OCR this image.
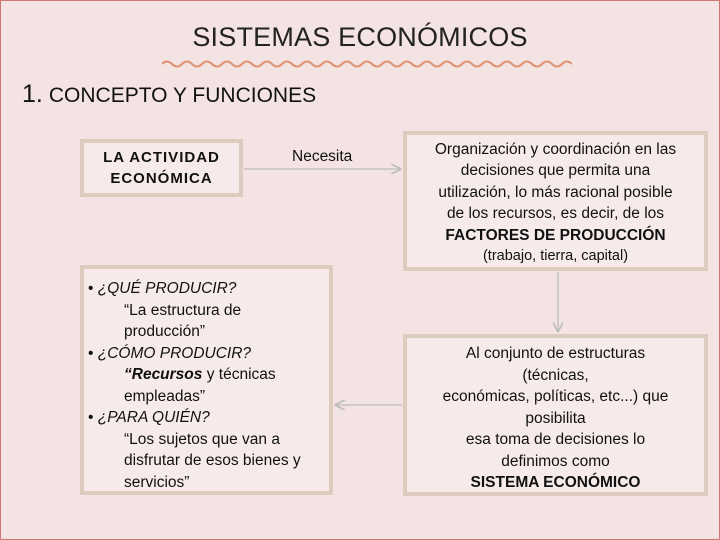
SISTEMAS ECONÓMICOS
1. CONCEPTO Y FUNCIONES
Necesita
LA ACTIVIDAD
ECONÓMICA
Organización y coordinación en las
decisiones que permita una
utilización, lo más racional posible
de los recursos, es decir, de los
FACTORES DE PRODUCCIÓN
(trabajo, tierra, capital)
• ¿QUÉ PRODUCIR?
“La estructura de
producción”
• ¿CÓMO PRODUCIR?
“Recursos y técnicas
empleadas”
• ¿PARA QUIÉN?
“Los sujetos que van a
disfrutar de esos bienes y
servicios”
Al conjunto de estructuras
(técnicas,
económicas, políticas, etc...) que
posibilita
esa toma de decisiones lo
definimos como
SISTEMA ECONÓMICO
